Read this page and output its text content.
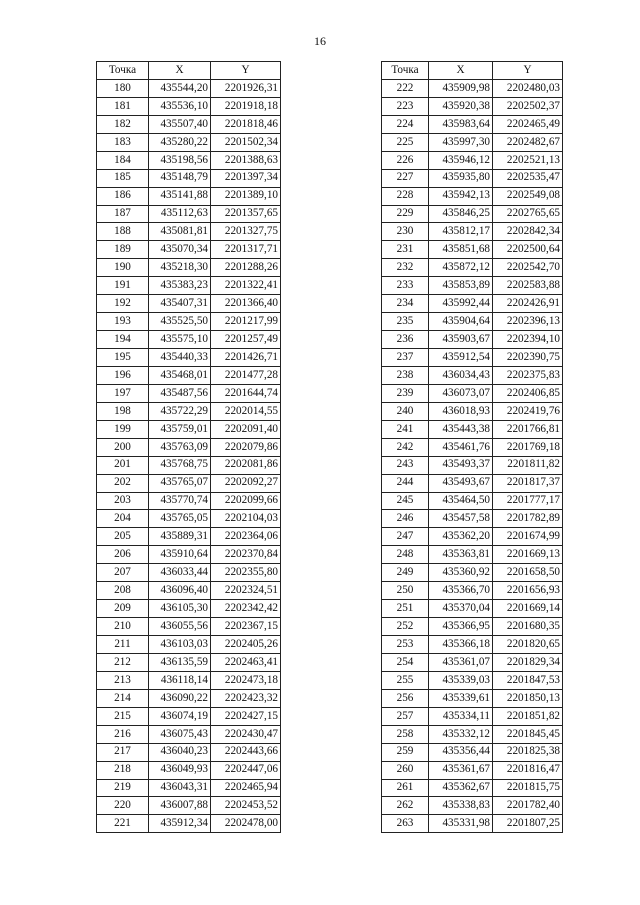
16
Точка	X	Y
180	435544,20	2201926,31
181	435536,10	2201918,18
182	435507,40	2201818,46
183	435280,22	2201502,34
184	435198,56	2201388,63
185	435148,79	2201397,34
186	435141,88	2201389,10
187	435112,63	2201357,65
188	435081,81	2201327,75
189	435070,34	2201317,71
190	435218,30	2201288,26
191	435383,23	2201322,41
192	435407,31	2201366,40
193	435525,50	2201217,99
194	435575,10	2201257,49
195	435440,33	2201426,71
196	435468,01	2201477,28
197	435487,56	2201644,74
198	435722,29	2202014,55
199	435759,01	2202091,40
200	435763,09	2202079,86
201	435768,75	2202081,86
202	435765,07	2202092,27
203	435770,74	2202099,66
204	435765,05	2202104,03
205	435889,31	2202364,06
206	435910,64	2202370,84
207	436033,44	2202355,80
208	436096,40	2202324,51
209	436105,30	2202342,42
210	436055,56	2202367,15
211	436103,03	2202405,26
212	436135,59	2202463,41
213	436118,14	2202473,18
214	436090,22	2202423,32
215	436074,19	2202427,15
216	436075,43	2202430,47
217	436040,23	2202443,66
218	436049,93	2202447,06
219	436043,31	2202465,94
220	436007,88	2202453,52
221	435912,34	2202478,00
Точка	X	Y
222	435909,98	2202480,03
223	435920,38	2202502,37
224	435983,64	2202465,49
225	435997,30	2202482,67
226	435946,12	2202521,13
227	435935,80	2202535,47
228	435942,13	2202549,08
229	435846,25	2202765,65
230	435812,17	2202842,34
231	435851,68	2202500,64
232	435872,12	2202542,70
233	435853,89	2202583,88
234	435992,44	2202426,91
235	435904,64	2202396,13
236	435903,67	2202394,10
237	435912,54	2202390,75
238	436034,43	2202375,83
239	436073,07	2202406,85
240	436018,93	2202419,76
241	435443,38	2201766,81
242	435461,76	2201769,18
243	435493,37	2201811,82
244	435493,67	2201817,37
245	435464,50	2201777,17
246	435457,58	2201782,89
247	435362,20	2201674,99
248	435363,81	2201669,13
249	435360,92	2201658,50
250	435366,70	2201656,93
251	435370,04	2201669,14
252	435366,95	2201680,35
253	435366,18	2201820,65
254	435361,07	2201829,34
255	435339,03	2201847,53
256	435339,61	2201850,13
257	435334,11	2201851,82
258	435332,12	2201845,45
259	435356,44	2201825,38
260	435361,67	2201816,47
261	435362,67	2201815,75
262	435338,83	2201782,40
263	435331,98	2201807,25
